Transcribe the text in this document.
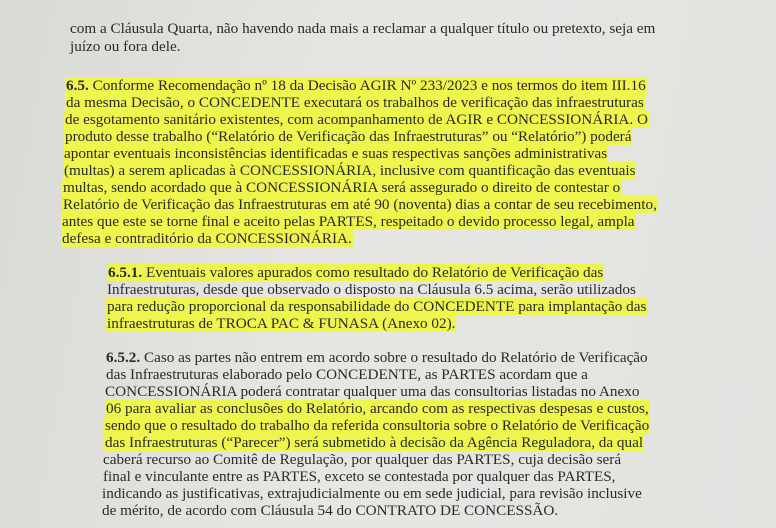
com a Cláusula Quarta, não havendo nada mais a reclamar a qualquer título ou pretexto, seja em
juízo ou fora dele.
6.5. Conforme Recomendação nº 18 da Decisão AGIR Nº 233/2023 e nos termos do item III.16
da mesma Decisão, o CONCEDENTE executará os trabalhos de verificação das infraestruturas
de esgotamento sanitário existentes, com acompanhamento de AGIR e CONCESSIONÁRIA. O
produto desse trabalho (“Relatório de Verificação das Infraestruturas” ou “Relatório”) poderá
apontar eventuais inconsistências identificadas e suas respectivas sanções administrativas
(multas) a serem aplicadas à CONCESSIONÁRIA, inclusive com quantificação das eventuais
multas, sendo acordado que à CONCESSIONÁRIA será assegurado o direito de contestar o
Relatório de Verificação das Infraestruturas em até 90 (noventa) dias a contar de seu recebimento,
antes que este se torne final e aceito pelas PARTES, respeitado o devido processo legal, ampla
defesa e contraditório da CONCESSIONÁRIA.
6.5.1. Eventuais valores apurados como resultado do Relatório de Verificação das
Infraestruturas, desde que observado o disposto na Cláusula 6.5 acima, serão utilizados
para redução proporcional da responsabilidade do CONCEDENTE para implantação das
infraestruturas de TROCA PAC & FUNASA (Anexo 02).
6.5.2. Caso as partes não entrem em acordo sobre o resultado do Relatório de Verificação
das Infraestruturas elaborado pelo CONCEDENTE, as PARTES acordam que a
CONCESSIONÁRIA poderá contratar qualquer uma das consultorias listadas no Anexo
06 para avaliar as conclusões do Relatório, arcando com as respectivas despesas e custos,
sendo que o resultado do trabalho da referida consultoria sobre o Relatório de Verificação
das Infraestruturas (“Parecer”) será submetido à decisão da Agência Reguladora, da qual
caberá recurso ao Comitê de Regulação, por qualquer das PARTES, cuja decisão será
final e vinculante entre as PARTES, exceto se contestada por qualquer das PARTES,
indicando as justificativas, extrajudicialmente ou em sede judicial, para revisão inclusive
de mérito, de acordo com Cláusula 54 do CONTRATO DE CONCESSÃO.
